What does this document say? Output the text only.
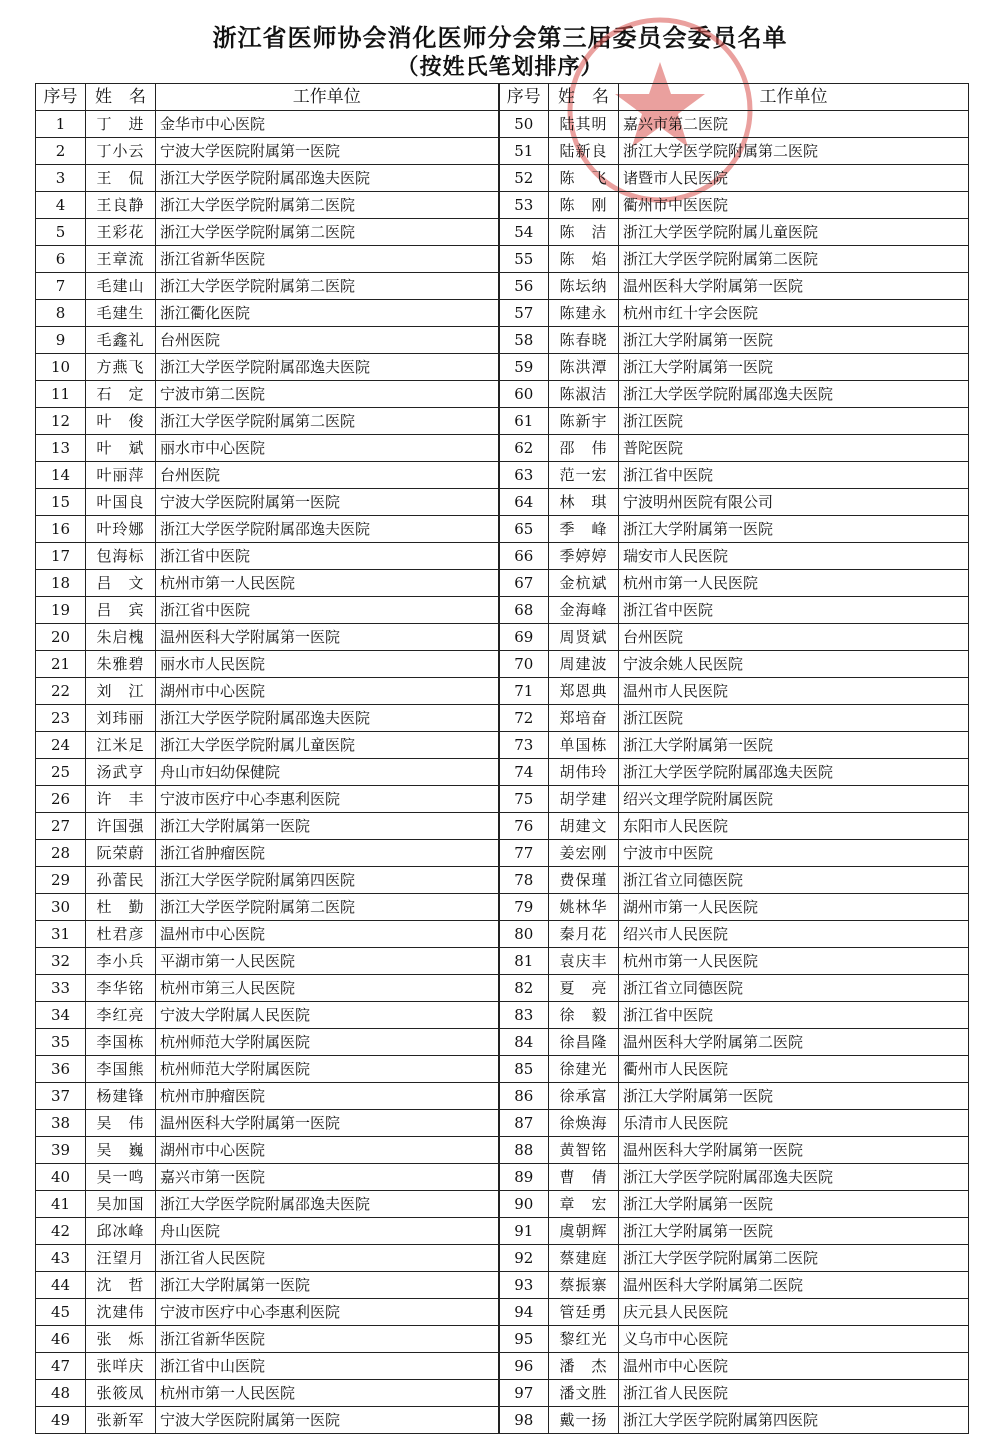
浙江省医师协会消化医师分会第三届委员会委员名单
（按姓氏笔划排序）
序号	姓　名	工作单位	序号	姓　名	工作单位
1	丁　进	金华市中心医院	50	陆其明	嘉兴市第二医院
2	丁小云	宁波大学医院附属第一医院	51	陆新良	浙江大学医学院附属第二医院
3	王　侃	浙江大学医学院附属邵逸夫医院	52	陈　飞	诸暨市人民医院
4	王良静	浙江大学医学院附属第二医院	53	陈　刚	衢州市中医医院
5	王彩花	浙江大学医学院附属第二医院	54	陈　洁	浙江大学医学院附属儿童医院
6	王章流	浙江省新华医院	55	陈　焰	浙江大学医学院附属第二医院
7	毛建山	浙江大学医学院附属第二医院	56	陈坛纳	温州医科大学附属第一医院
8	毛建生	浙江衢化医院	57	陈建永	杭州市红十字会医院
9	毛鑫礼	台州医院	58	陈春晓	浙江大学附属第一医院
10	方燕飞	浙江大学医学院附属邵逸夫医院	59	陈洪潭	浙江大学附属第一医院
11	石　定	宁波市第二医院	60	陈淑洁	浙江大学医学院附属邵逸夫医院
12	叶　俊	浙江大学医学院附属第二医院	61	陈新宇	浙江医院
13	叶　斌	丽水市中心医院	62	邵　伟	普陀医院
14	叶丽萍	台州医院	63	范一宏	浙江省中医院
15	叶国良	宁波大学医院附属第一医院	64	林　琪	宁波明州医院有限公司
16	叶玲娜	浙江大学医学院附属邵逸夫医院	65	季　峰	浙江大学附属第一医院
17	包海标	浙江省中医院	66	季婷婷	瑞安市人民医院
18	吕　文	杭州市第一人民医院	67	金杭斌	杭州市第一人民医院
19	吕　宾	浙江省中医院	68	金海峰	浙江省中医院
20	朱启槐	温州医科大学附属第一医院	69	周贤斌	台州医院
21	朱雅碧	丽水市人民医院	70	周建波	宁波余姚人民医院
22	刘　江	湖州市中心医院	71	郑恩典	温州市人民医院
23	刘玮丽	浙江大学医学院附属邵逸夫医院	72	郑培奋	浙江医院
24	江米足	浙江大学医学院附属儿童医院	73	单国栋	浙江大学附属第一医院
25	汤武亨	舟山市妇幼保健院	74	胡伟玲	浙江大学医学院附属邵逸夫医院
26	许　丰	宁波市医疗中心李惠利医院	75	胡学建	绍兴文理学院附属医院
27	许国强	浙江大学附属第一医院	76	胡建文	东阳市人民医院
28	阮荣蔚	浙江省肿瘤医院	77	姜宏刚	宁波市中医院
29	孙蕾民	浙江大学医学院附属第四医院	78	费保瑾	浙江省立同德医院
30	杜　勤	浙江大学医学院附属第二医院	79	姚林华	湖州市第一人民医院
31	杜君彦	温州市中心医院	80	秦月花	绍兴市人民医院
32	李小兵	平湖市第一人民医院	81	袁庆丰	杭州市第一人民医院
33	李华铭	杭州市第三人民医院	82	夏　亮	浙江省立同德医院
34	李红亮	宁波大学附属人民医院	83	徐　毅	浙江省中医院
35	李国栋	杭州师范大学附属医院	84	徐昌隆	温州医科大学附属第二医院
36	李国熊	杭州师范大学附属医院	85	徐建光	衢州市人民医院
37	杨建锋	杭州市肿瘤医院	86	徐承富	浙江大学附属第一医院
38	吴　伟	温州医科大学附属第一医院	87	徐焕海	乐清市人民医院
39	吴　巍	湖州市中心医院	88	黄智铭	温州医科大学附属第一医院
40	吴一鸣	嘉兴市第一医院	89	曹　倩	浙江大学医学院附属邵逸夫医院
41	吴加国	浙江大学医学院附属邵逸夫医院	90	章　宏	浙江大学附属第一医院
42	邱冰峰	舟山医院	91	虞朝辉	浙江大学附属第一医院
43	汪望月	浙江省人民医院	92	蔡建庭	浙江大学医学院附属第二医院
44	沈　哲	浙江大学附属第一医院	93	蔡振寨	温州医科大学附属第二医院
45	沈建伟	宁波市医疗中心李惠利医院	94	管廷勇	庆元县人民医院
46	张　烁	浙江省新华医院	95	黎红光	义乌市中心医院
47	张咩庆	浙江省中山医院	96	潘　杰	温州市中心医院
48	张筱凤	杭州市第一人民医院	97	潘文胜	浙江省人民医院
49	张新军	宁波大学医院附属第一医院	98	戴一扬	浙江大学医学院附属第四医院
